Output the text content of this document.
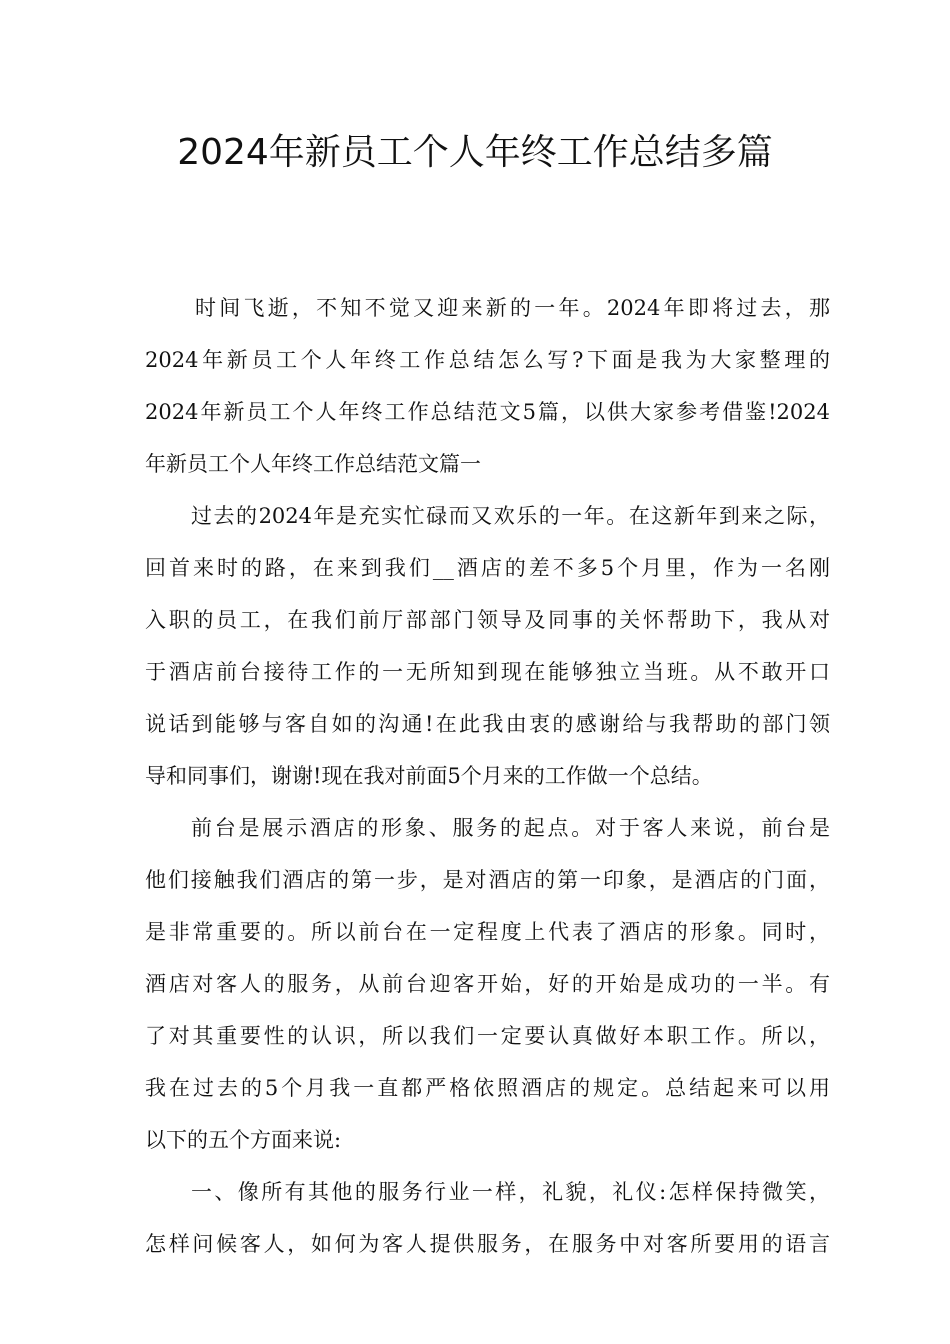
2024年新员工个人年终工作总结多篇

时间飞逝，不知不觉又迎来新的一年。2024年即将过去，那
2024年新员工个人年终工作总结怎么写?下面是我为大家整理的
2024年新员工个人年终工作总结范文5篇，以供大家参考借鉴!2024
年新员工个人年终工作总结范文篇一

过去的2024年是充实忙碌而又欢乐的一年。在这新年到来之际，
回首来时的路，在来到我们__酒店的差不多5个月里，作为一名刚
入职的员工，在我们前厅部部门领导及同事的关怀帮助下，我从对
于酒店前台接待工作的一无所知到现在能够独立当班。从不敢开口
说话到能够与客自如的沟通!在此我由衷的感谢给与我帮助的部门领
导和同事们，谢谢!现在我对前面5个月来的工作做一个总结。

前台是展示酒店的形象、服务的起点。对于客人来说，前台是
他们接触我们酒店的第一步，是对酒店的第一印象，是酒店的门面，
是非常重要的。所以前台在一定程度上代表了酒店的形象。同时，
酒店对客人的服务，从前台迎客开始，好的开始是成功的一半。有
了对其重要性的认识，所以我们一定要认真做好本职工作。所以，
我在过去的5个月我一直都严格依照酒店的规定。总结起来可以用
以下的五个方面来说:

一、像所有其他的服务行业一样，礼貌，礼仪:怎样保持微笑，
怎样问候客人，如何为客人提供服务，在服务中对客所要用的语言
